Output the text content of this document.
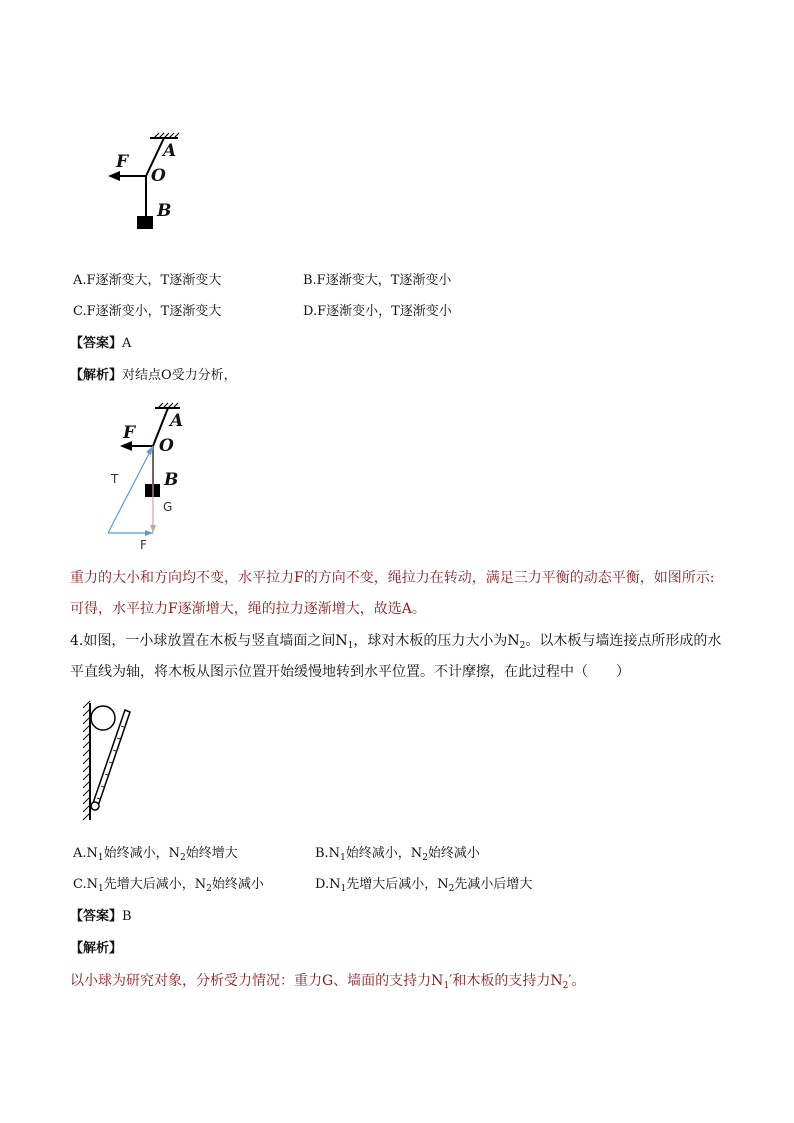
F
A
O
B
A.F逐渐变大，T逐渐变大	B.F逐渐变大，T逐渐变小
C.F逐渐变小，T逐渐变大	D.F逐渐变小，T逐渐变小
【答案】A
【解析】对结点O受力分析，
F
A
O
B
T
G
F
重力的大小和方向均不变，水平拉力F的方向不变，绳拉力在转动，满足三力平衡的动态平衡，如图所示:
可得，水平拉力F逐渐增大，绳的拉力逐渐增大，故选A。
4.如图，一小球放置在木板与竖直墙面之间$N_1$，球对木板的压力大小为$N_2$。以木板与墙连接点所形成的水
平直线为轴，将木板从图示位置开始缓慢地转到水平位置。不计摩擦，在此过程中（　　）
$A.N_1$始终减小，$N_2$始终增大	$B.N_1$始终减小，$N_2$始终减小
$C.N_1$先增大后减小，$N_2$始终减小	$D.N_1$先增大后减小，$N_2$先减小后增大
【答案】B
【解析】
以小球为研究对象，分析受力情况：重力G、墙面的支持力$N_1'$和木板的支持力$N_2'$。
